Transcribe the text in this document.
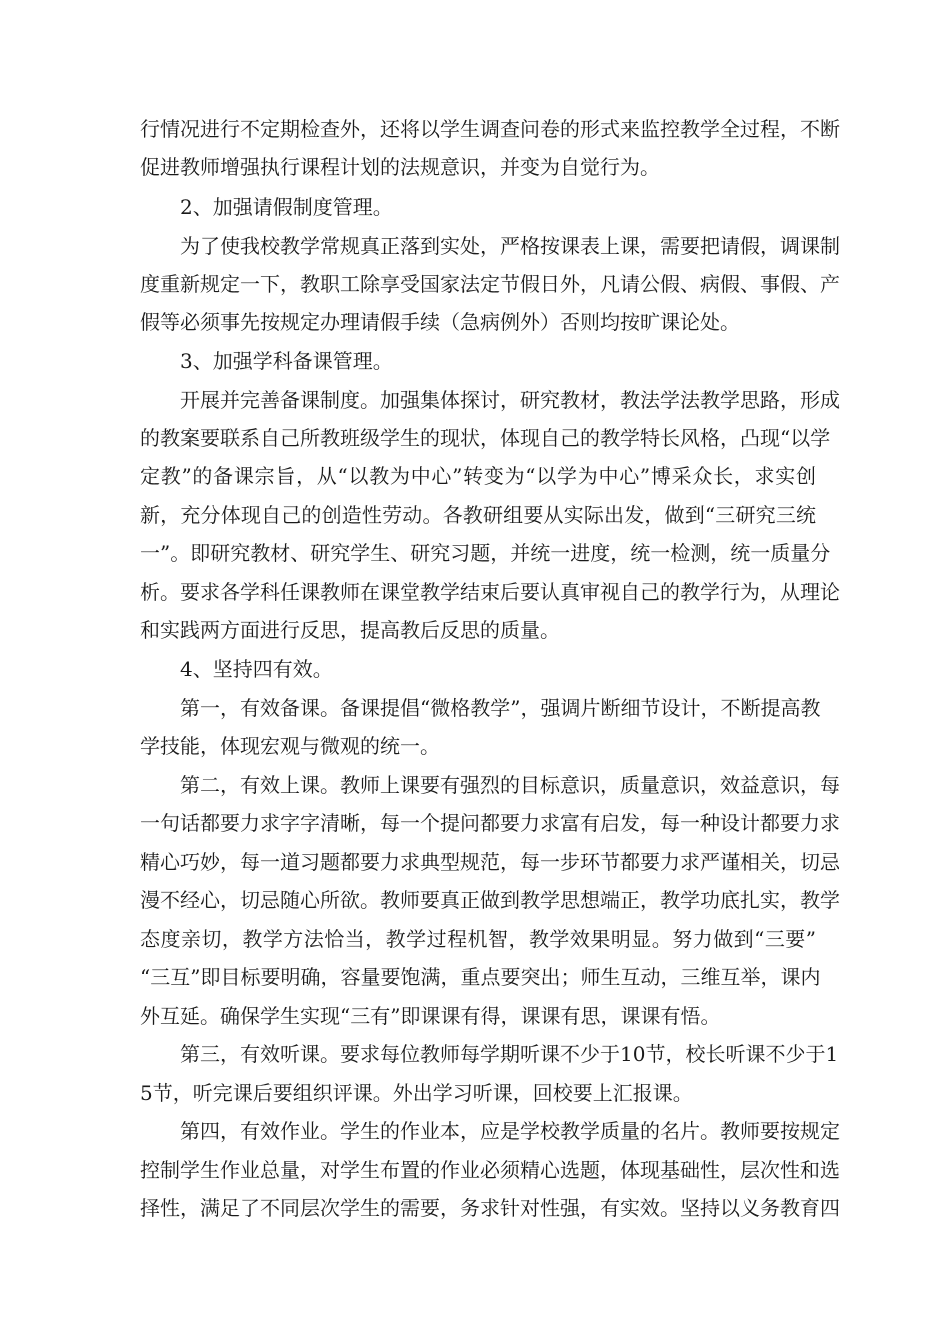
行情况进行不定期检查外，还将以学生调查问卷的形式来监控教学全过程，不断
促进教师增强执行课程计划的法规意识，并变为自觉行为。
2、加强请假制度管理。
为了使我校教学常规真正落到实处，严格按课表上课，需要把请假，调课制
度重新规定一下，教职工除享受国家法定节假日外，凡请公假、病假、事假、产
假等必须事先按规定办理请假手续（急病例外）否则均按旷课论处。
3、加强学科备课管理。
开展并完善备课制度。加强集体探讨，研究教材，教法学法教学思路，形成
的教案要联系自己所教班级学生的现状，体现自己的教学特长风格，凸现“以学
定教”的备课宗旨，从“以教为中心”转变为“以学为中心”博采众长，求实创
新，充分体现自己的创造性劳动。各教研组要从实际出发，做到“三研究三统
一”。即研究教材、研究学生、研究习题，并统一进度，统一检测，统一质量分
析。要求各学科任课教师在课堂教学结束后要认真审视自己的教学行为，从理论
和实践两方面进行反思，提高教后反思的质量。
4、坚持四有效。
第一，有效备课。备课提倡“微格教学”，强调片断细节设计，不断提高教
学技能，体现宏观与微观的统一。
第二，有效上课。教师上课要有强烈的目标意识，质量意识，效益意识，每
一句话都要力求字字清晰，每一个提问都要力求富有启发，每一种设计都要力求
精心巧妙，每一道习题都要力求典型规范，每一步环节都要力求严谨相关，切忌
漫不经心，切忌随心所欲。教师要真正做到教学思想端正，教学功底扎实，教学
态度亲切，教学方法恰当，教学过程机智，教学效果明显。努力做到“三要”
“三互”即目标要明确，容量要饱满，重点要突出；师生互动，三维互举，课内
外互延。确保学生实现“三有”即课课有得，课课有思，课课有悟。
第三，有效听课。要求每位教师每学期听课不少于10节，校长听课不少于1
5节，听完课后要组织评课。外出学习听课，回校要上汇报课。
第四，有效作业。学生的作业本，应是学校教学质量的名片。教师要按规定
控制学生作业总量，对学生布置的作业必须精心选题，体现基础性，层次性和选
择性，满足了不同层次学生的需要，务求针对性强，有实效。坚持以义务教育四
